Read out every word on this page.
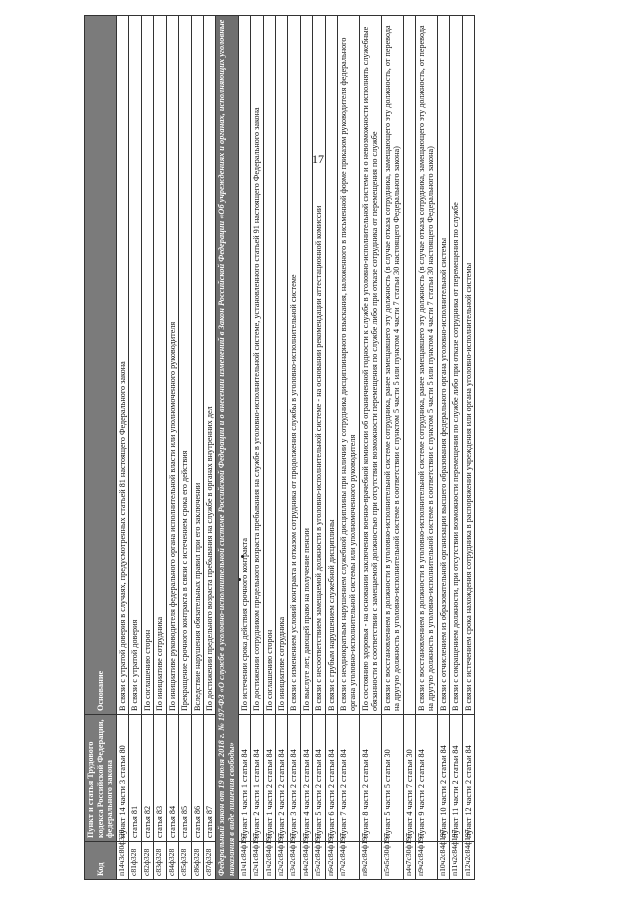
17
Код	Пункт и статья Трудового кодекса Российской Федерации, федерального закона	Основание
п14ч3с80ф328	пункт 14 части 3 статьи 80	В связи с утратой доверия в случаях, предусмотренных статьей 81 настоящего Федерального закона
с81ф328	статья 81	В связи с утратой доверия
с82ф328	статья 82	По соглашению сторон
с83ф328	статья 83	По инициативе сотрудника
с84ф328	статья 84	По инициативе руководителя федерального органа исполнительной власти или уполномоченного руководителя
с85ф328	статья 85	Прекращение срочного контракта в связи с истечением срока его действия
с86ф328	статья 86	Вследствие нарушения обязательных правил при его заключении
с87ф328	статья 87	По достижении предельного возраста пребывания на службе в органах внутренних дел
Федеральный закон от 19 июля 2018 г. № 197-ФЗ «О службе в уголовно-исполнительной системе Российской Федерации и о внесении изменений в Закон Российской Федерации «Об учреждениях и органах, исполняющих уголовные наказания в виде лишения свободы»		
п1ч1с84ф197	пункт 1 части 1 статьи 84	По истечении срока действия срочного контракта
п2ч1с84ф197	пункт 2 части 1 статьи 84	По достижении сотрудником предельного возраста пребывания на службе в уголовно-исполнительной системе, установленного статьей 91 настоящего Федерального закона
п1ч2с84ф197	пункт 1 части 2 статьи 84	По соглашению сторон
п2ч2с84ф197	пункт 2 части 2 статьи 84	По инициативе сотрудника
п3ч2с84ф197	пункт 3 части 2 статьи 84	В связи с изменением условий контракта и отказом сотрудника от продолжения службы в уголовно-исполнительной системе
п4ч2с84ф197	пункт 4 части 2 статьи 84	По выслуге лет, дающей право на получение пенсии
п5ч2с84ф197	пункт 5 части 2 статьи 84	В связи с несоответствием замещаемой должности в уголовно-исполнительной системе - на основании рекомендации аттестационной комиссии
п6ч2с84ф197	пункт 6 части 2 статьи 84	В связи с грубым нарушением служебной дисциплины
п7ч2с84ф197	пункт 7 части 2 статьи 84	В связи с неоднократным нарушением служебной дисциплины при наличии у сотрудника дисциплинарного взыскания, наложенного в письменной форме приказом руководителя федерального органа уголовно-исполнительной системы или уполномоченного руководителя
п8ч2с84ф197	пункт 8 части 2 статьи 84	По состоянию здоровья - на основании заключения военно-врачебной комиссии об ограниченной годности к службе в уголовно-исполнительной системе и о невозможности исполнять служебные обязанности в соответствии с замещаемой должностью при отсутствии возможности перемещения по службе либо при отказе сотрудника от перемещения по службе
п5ч5с30ф197	пункт 5 части 5 статьи 30	В связи с восстановлением в должности в уголовно-исполнительной системе сотрудника, ранее замещавшего эту должность (в случае отказа сотрудника, замещающего эту должность, от перевода на другую должность в уголовно-исполнительной системе в соответствии с пунктом 5 части 5 или пунктом 4 части 7 статьи 30 настоящего Федерального закона)
п4ч7с30ф197	пункт 4 части 7 статьи 30	
п9ч2с84ф197	пункт 9 части 2 статьи 84	В связи с восстановлением в должности в уголовно-исполнительной системе сотрудника, ранее замещавшего эту должность (в случае отказа сотрудника, замещающего эту должность, от перевода на другую должность в уголовно-исполнительной системе в соответствии с пунктом 5 части 5 или пунктом 4 части 7 статьи 30 настоящего Федерального закона)
п10ч2с84ф197	пункт 10 части 2 статьи 84	В связи с отчислением из образовательной организации высшего образования федерального органа уголовно-исполнительной системы
п11ч2с84ф197	пункт 11 части 2 статьи 84	В связи с сокращением должности, при отсутствии возможности перемещения по службе либо при отказе сотрудника от перемещения по службе
п12ч2с84ф197	пункт 12 части 2 статьи 84	В связи с истечением срока нахождения сотрудника в распоряжении учреждения или органа уголовно-исполнительной системы
